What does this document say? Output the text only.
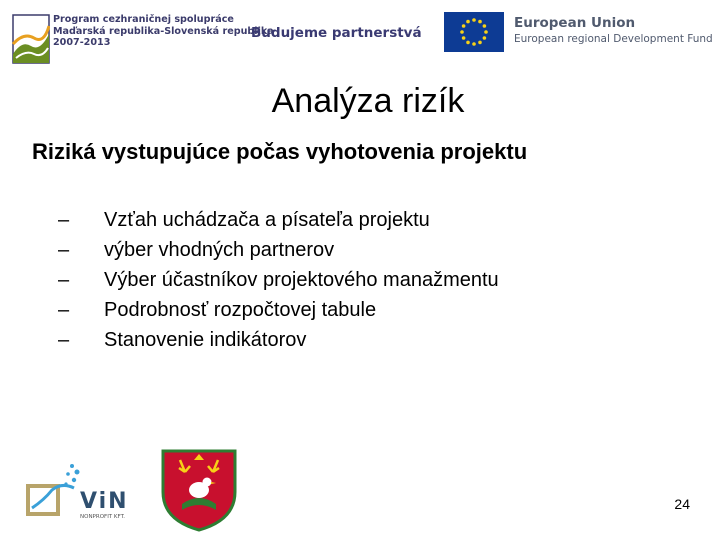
Program cezhraničnej spolupráce
Maďarská republika-Slovenská republika
2007-2013
Budujeme partnerstvá
European Union
European regional Development Fund
Analýza rizík
Riziká vystupujúce počas vyhotovenia projektu
–	Vzťah uchádzača a písateľa projektu
–	výber vhodných partnerov
–	Výber účastníkov projektového manažmentu
–	Podrobnosť rozpočtovej tabule
–	Stanovenie indikátorov
ViN
NONPROFIT KFT.
24
